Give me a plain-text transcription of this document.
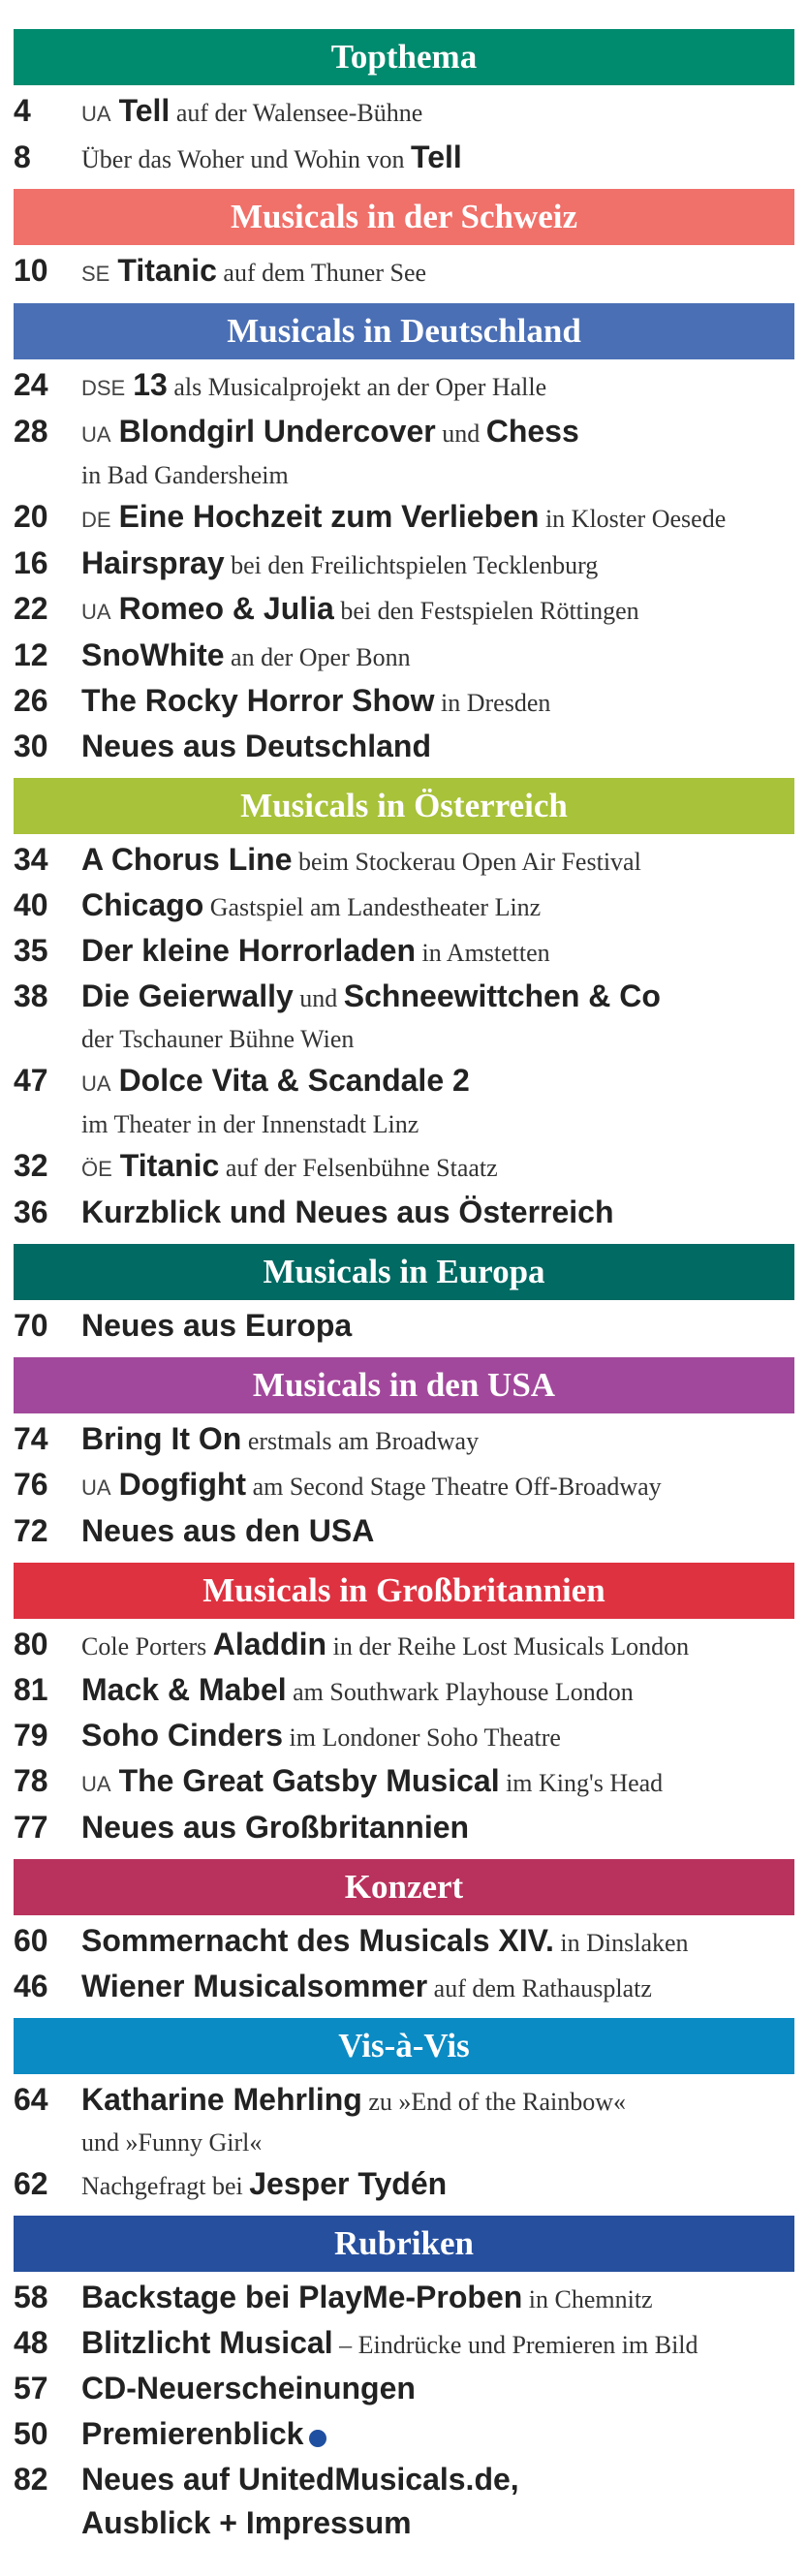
Topthema
4	UA Tell auf der Walensee-Bühne
8	Über das Woher und Wohin von Tell
Musicals in der Schweiz
10	SE Titanic auf dem Thuner See
Musicals in Deutschland
24	DSE 13 als Musicalprojekt an der Oper Halle
28	UA Blondgirl Undercover und Chess
in Bad Gandersheim
20	DE Eine Hochzeit zum Verlieben in Kloster Oesede
16	Hairspray bei den Freilichtspielen Tecklenburg
22	UA Romeo & Julia bei den Festspielen Röttingen
12	SnoWhite an der Oper Bonn
26	The Rocky Horror Show in Dresden
30	Neues aus Deutschland
Musicals in Österreich
34	A Chorus Line beim Stockerau Open Air Festival
40	Chicago Gastspiel am Landestheater Linz
35	Der kleine Horrorladen in Amstetten
38	Die Geierwally und Schneewittchen & Co
der Tschauner Bühne Wien
47	UA Dolce Vita & Scandale 2
im Theater in der Innenstadt Linz
32	ÖE Titanic auf der Felsenbühne Staatz
36	Kurzblick und Neues aus Österreich
Musicals in Europa
70	Neues aus Europa
Musicals in den USA
74	Bring It On erstmals am Broadway
76	UA Dogfight am Second Stage Theatre Off-Broadway
72	Neues aus den USA
Musicals in Großbritannien
80	Cole Porters Aladdin in der Reihe Lost Musicals London
81	Mack & Mabel am Southwark Playhouse London
79	Soho Cinders im Londoner Soho Theatre
78	UA The Great Gatsby Musical im King's Head
77	Neues aus Großbritannien
Konzert
60	Sommernacht des Musicals XIV. in Dinslaken
46	Wiener Musicalsommer auf dem Rathausplatz
Vis-à-Vis
64	Katharine Mehrling zu »End of the Rainbow«
und »Funny Girl«
62	Nachgefragt bei Jesper Tydén
Rubriken
58	Backstage bei PlayMe-Proben in Chemnitz
48	Blitzlicht Musical – Eindrücke und Premieren im Bild
57	CD-Neuerscheinungen
50	Premierenblick
82	Neues auf UnitedMusicals.de,
Ausblick + Impressum
